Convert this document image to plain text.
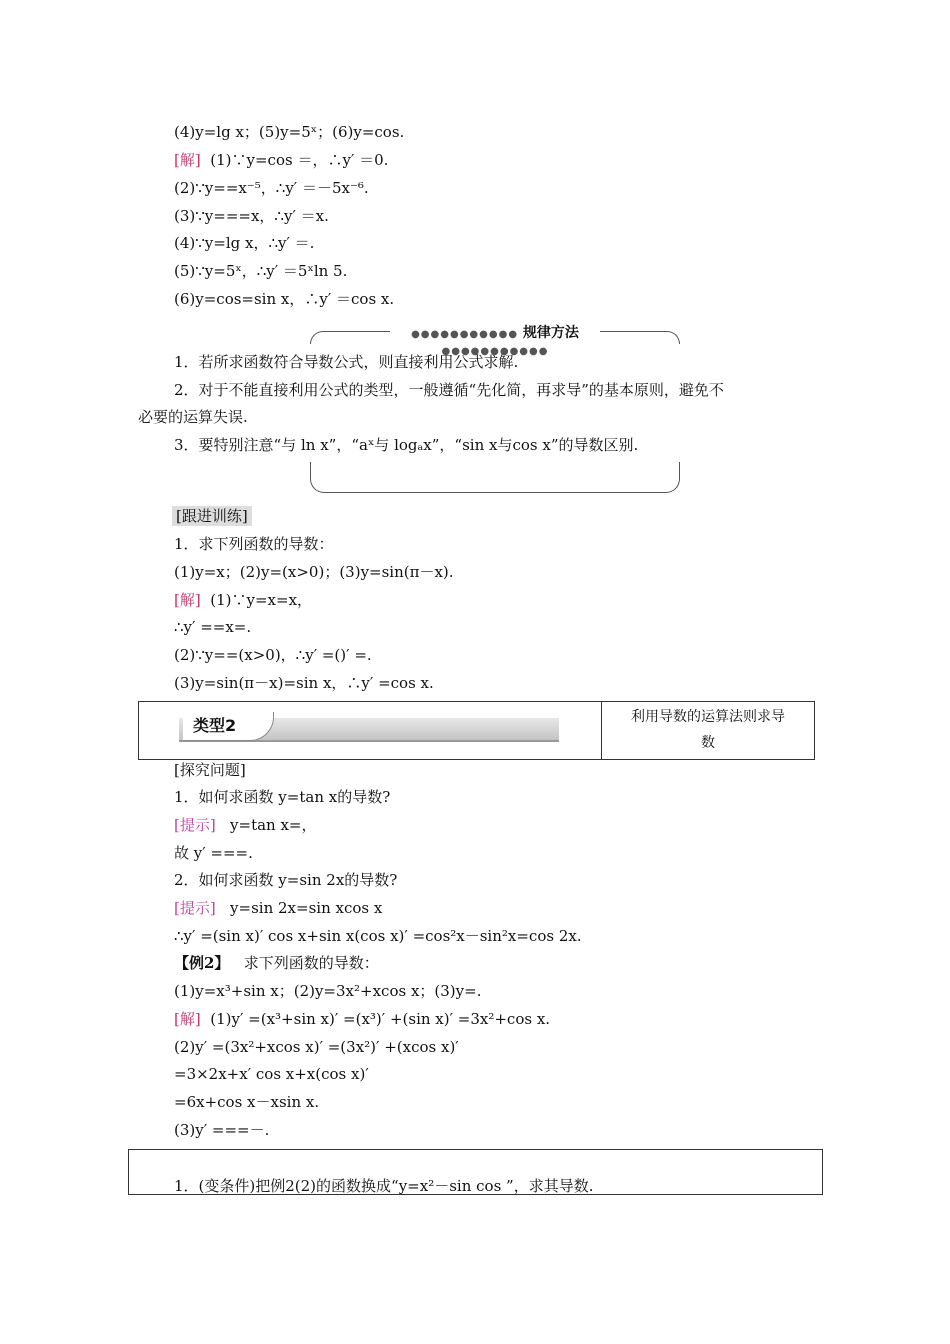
(4)y=lg x；(5)y=5ˣ；(6)y=cos.
[解] (1)∵y=cos ＝，∴y′ ＝0.
(2)∵y==x⁻⁵，∴y′ ＝－5x⁻⁶.
(3)∵y===x，∴y′ ＝x.
(4)∵y=lg x，∴y′ ＝.
(5)∵y=5ˣ，∴y′ ＝5ˣln 5.
(6)y=cos=sin x，∴y′ ＝cos x.
●●●●●●●●●●● 规律方法 ●●●●●●●●●●●
1．若所求函数符合导数公式，则直接利用公式求解.
2．对于不能直接利用公式的类型，一般遵循“先化简，再求导”的基本原则，避免不
必要的运算失误.
3．要特别注意“与 ln x”，“aˣ与 logₐx”，“sin x与cos x”的导数区别.
[跟进训练]
1．求下列函数的导数：
(1)y=x；(2)y=(x>0)；(3)y=sin(π－x).
[解] (1)∵y=x=x，
∴y′ ==x=.
(2)∵y==(x>0)，∴y′ =()′ =.
(3)y=sin(π－x)=sin x，∴y′ =cos x.
类型2	利用导数的运算法则求导
数
[探究问题]
1．如何求函数 y=tan x的导数?
[提示] y=tan x=，
故 y′ ===.
2．如何求函数 y=sin 2x的导数?
[提示] y=sin 2x=sin xcos x
∴y′ =(sin x)′ cos x+sin x(cos x)′ =cos²x－sin²x=cos 2x.
【例2】 求下列函数的导数：
(1)y=x³+sin x；(2)y=3x²+xcos x；(3)y=.
[解] (1)y′ =(x³+sin x)′ =(x³)′ +(sin x)′ =3x²+cos x.
(2)y′ =(3x²+xcos x)′ =(3x²)′ +(xcos x)′
=3×2x+x′ cos x+x(cos x)′
=6x+cos x－xsin x.
(3)y′ ===－.
1．(变条件)把例2(2)的函数换成“y=x²－sin cos ”，求其导数.
